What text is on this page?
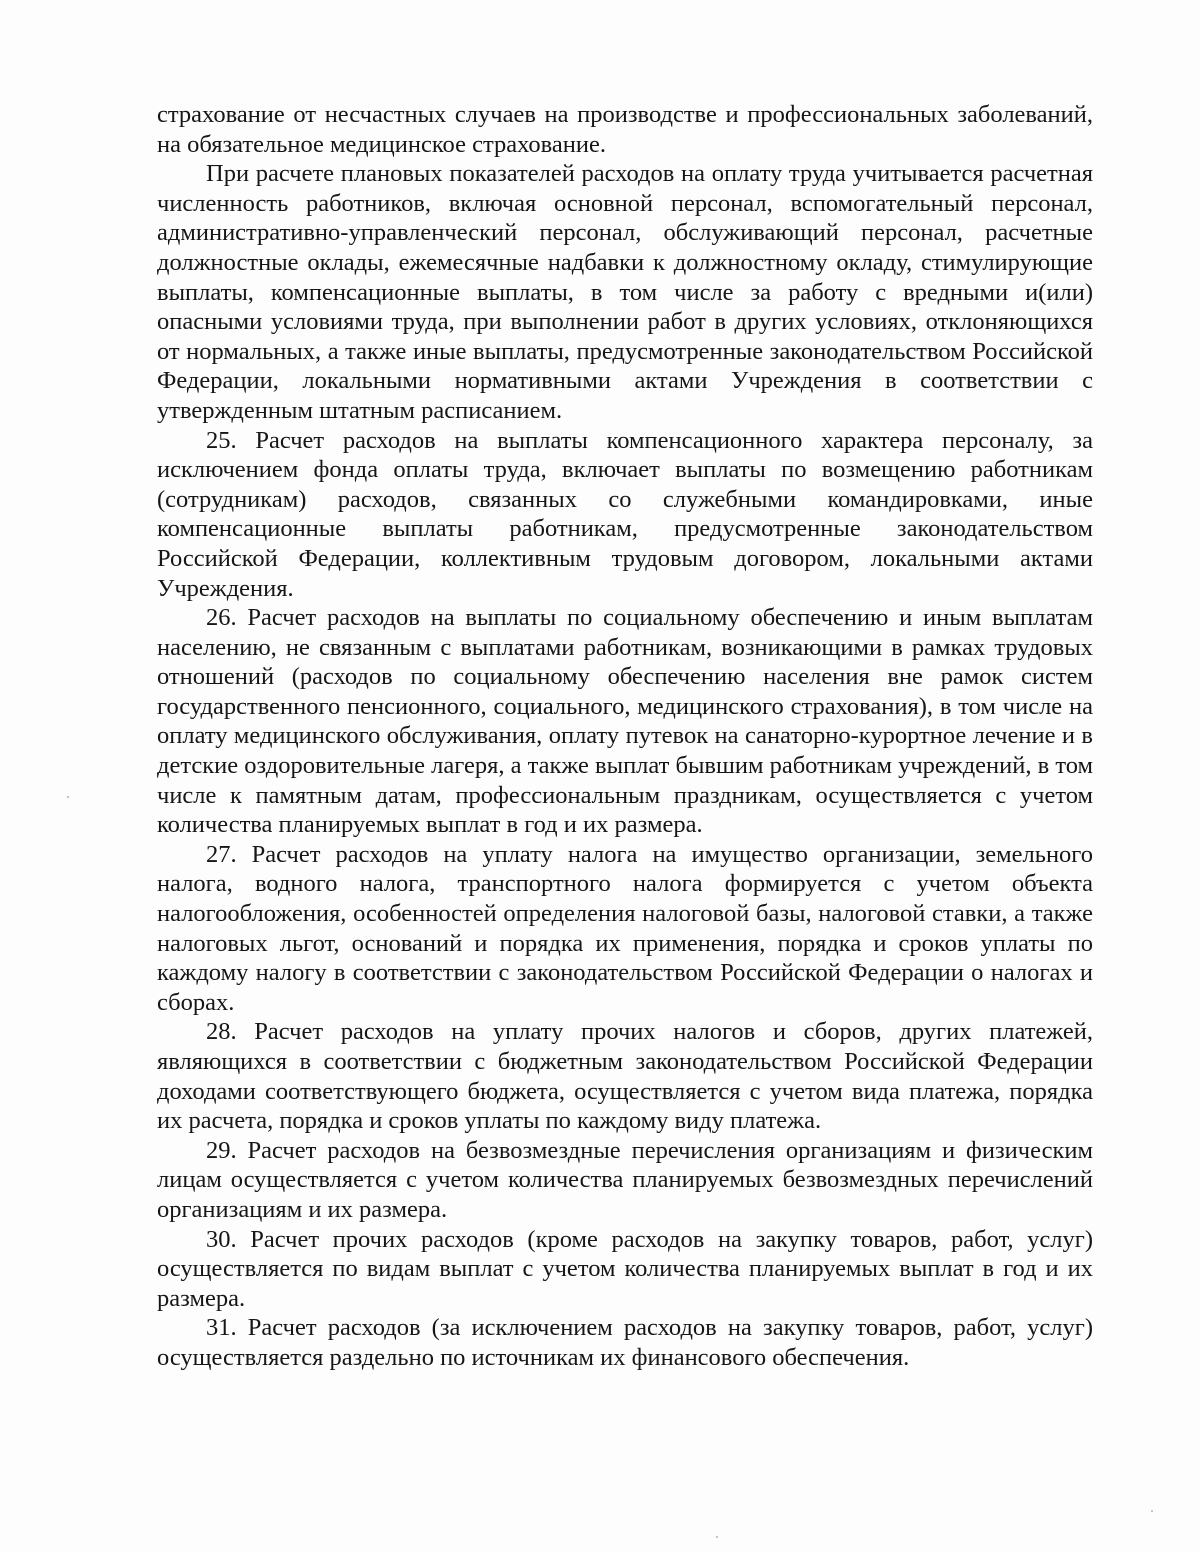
страхование от несчастных случаев на производстве и профессиональных заболеваний, на обязательное медицинское страхование.

При расчете плановых показателей расходов на оплату труда учитывается расчетная численность работников, включая основной персонал, вспомогательный персонал, административно-управленческий персонал, обслуживающий персонал, расчетные должностные оклады, ежемесячные надбавки к должностному окладу, стимулирующие выплаты, компенсационные выплаты, в том числе за работу с вредными и(или) опасными условиями труда, при выполнении работ в других условиях, отклоняющихся от нормальных, а также иные выплаты, предусмотренные законодательством Российской Федерации, локальными нормативными актами Учреждения в соответствии с утвержденным штатным расписанием.

25. Расчет расходов на выплаты компенсационного характера персоналу, за исключением фонда оплаты труда, включает выплаты по возмещению работникам (сотрудникам) расходов, связанных со служебными командировками, иные компенсационные выплаты работникам, предусмотренные законодательством Российской Федерации, коллективным трудовым договором, локальными актами Учреждения.

26. Расчет расходов на выплаты по социальному обеспечению и иным выплатам населению, не связанным с выплатами работникам, возникающими в рамках трудовых отношений (расходов по социальному обеспечению населения вне рамок систем государственного пенсионного, социального, медицинского страхования), в том числе на оплату медицинского обслуживания, оплату путевок на санаторно-курортное лечение и в детские оздоровительные лагеря, а также выплат бывшим работникам учреждений, в том числе к памятным датам, профессиональным праздникам, осуществляется с учетом количества планируемых выплат в год и их размера.

27. Расчет расходов на уплату налога на имущество организации, земельного налога, водного налога, транспортного налога формируется с учетом объекта налогообложения, особенностей определения налоговой базы, налоговой ставки, а также налоговых льгот, оснований и порядка их применения, порядка и сроков уплаты по каждому налогу в соответствии с законодательством Российской Федерации о налогах и сборах.

28. Расчет расходов на уплату прочих налогов и сборов, других платежей, являющихся в соответствии с бюджетным законодательством Российской Федерации доходами соответствующего бюджета, осуществляется с учетом вида платежа, порядка их расчета, порядка и сроков уплаты по каждому виду платежа.

29. Расчет расходов на безвозмездные перечисления организациям и физическим лицам осуществляется с учетом количества планируемых безвозмездных перечислений организациям и их размера.

30. Расчет прочих расходов (кроме расходов на закупку товаров, работ, услуг) осуществляется по видам выплат с учетом количества планируемых выплат в год и их размера.

31. Расчет расходов (за исключением расходов на закупку товаров, работ, услуг) осуществляется раздельно по источникам их финансового обеспечения.
